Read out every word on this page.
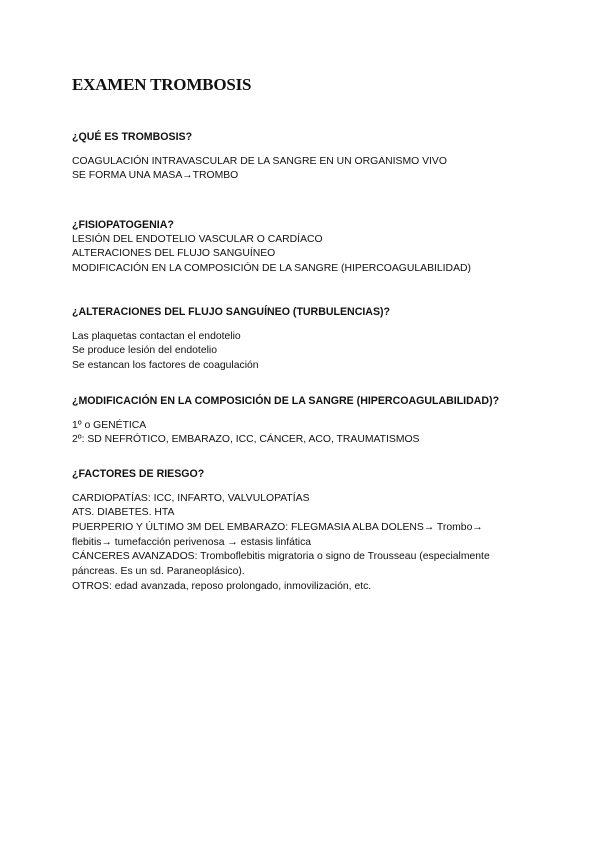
EXAMEN TROMBOSIS
¿QUÉ ES TROMBOSIS?
COAGULACIÓN INTRAVASCULAR DE LA SANGRE EN UN ORGANISMO VIVO
SE FORMA UNA MASA→TROMBO
¿FISIOPATOGENIA?
LESIÓN DEL ENDOTELIO VASCULAR O CARDÍACO
ALTERACIONES DEL FLUJO SANGUÍNEO
MODIFICACIÓN EN LA COMPOSICIÓN DE LA SANGRE (HIPERCOAGULABILIDAD)
¿ALTERACIONES DEL FLUJO SANGUÍNEO (TURBULENCIAS)?
Las plaquetas contactan el endotelio
Se produce lesión del endotelio
Se estancan los factores de coagulación
¿MODIFICACIÓN EN LA COMPOSICIÓN DE LA SANGRE (HIPERCOAGULABILIDAD)?
1º o GENÉTICA
2º: SD NEFRÓTICO, EMBARAZO, ICC, CÁNCER, ACO, TRAUMATISMOS
¿FACTORES DE RIESGO?
CARDIOPATÍAS: ICC, INFARTO, VALVULOPATÍAS
ATS. DIABETES. HTA
PUERPERIO Y ÚLTIMO 3M DEL EMBARAZO: FLEGMASIA ALBA DOLENS→ Trombo→
flebitis→ tumefacción perivenosa → estasis linfática
CÁNCERES AVANZADOS: Tromboflebitis migratoria o signo de Trousseau (especialmente
páncreas. Es un sd. Paraneoplásico).
OTROS: edad avanzada, reposo prolongado, inmovilización, etc.
